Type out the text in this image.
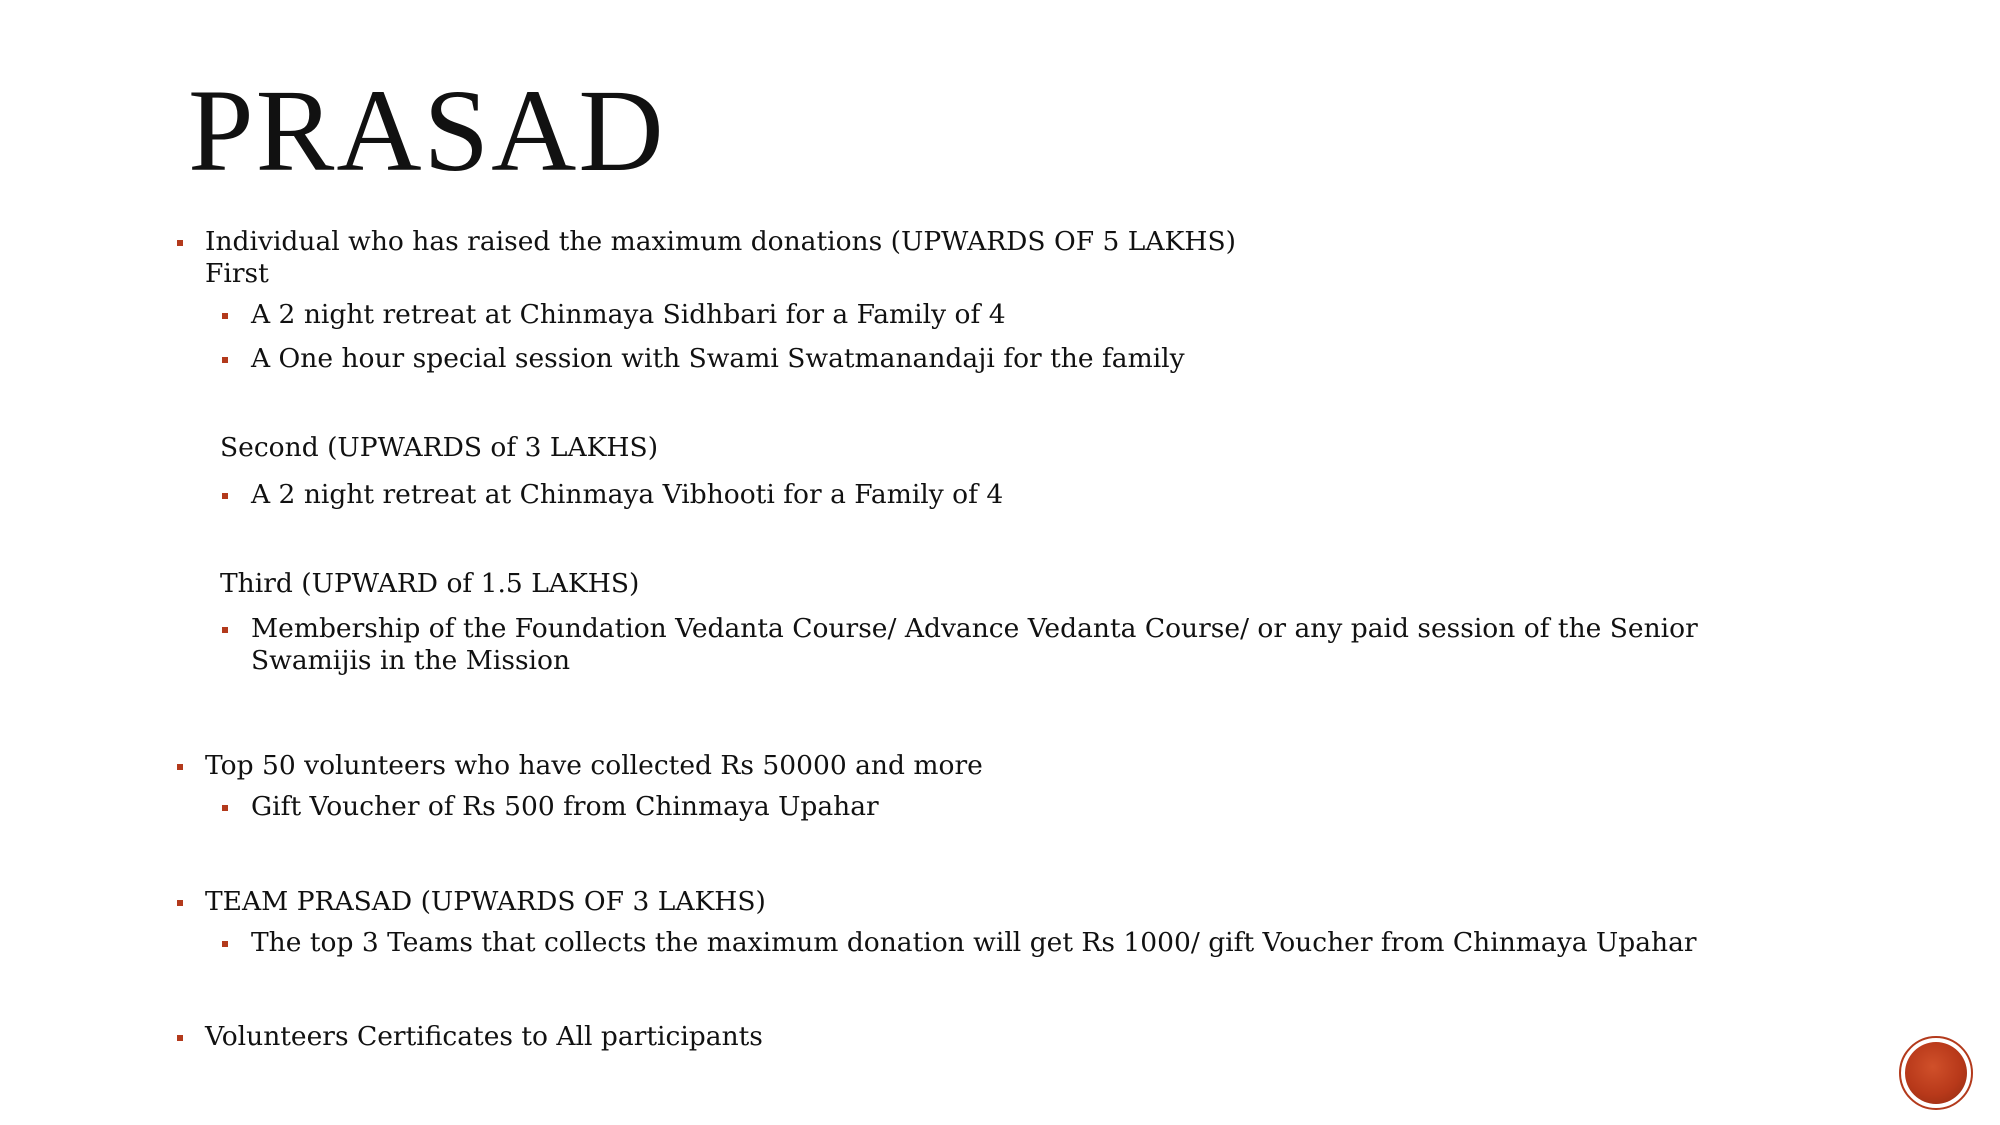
PRASAD
Individual who has raised the maximum donations (UPWARDS OF 5 LAKHS)
First
A 2 night retreat at Chinmaya Sidhbari for a Family of 4
A One hour special session with Swami Swatmanandaji for the family
Second (UPWARDS of 3 LAKHS)
A 2 night retreat at Chinmaya Vibhooti for a Family of 4
Third (UPWARD of 1.5 LAKHS)
Membership of the Foundation Vedanta Course/ Advance Vedanta Course/ or any paid session of the Senior
Swamijis in the Mission
Top 50 volunteers who have collected Rs 50000 and more
Gift Voucher of Rs 500 from Chinmaya Upahar
TEAM PRASAD (UPWARDS OF 3 LAKHS)
The top 3 Teams that collects the maximum donation will get Rs 1000/ gift Voucher from Chinmaya Upahar
Volunteers Certificates to All participants
